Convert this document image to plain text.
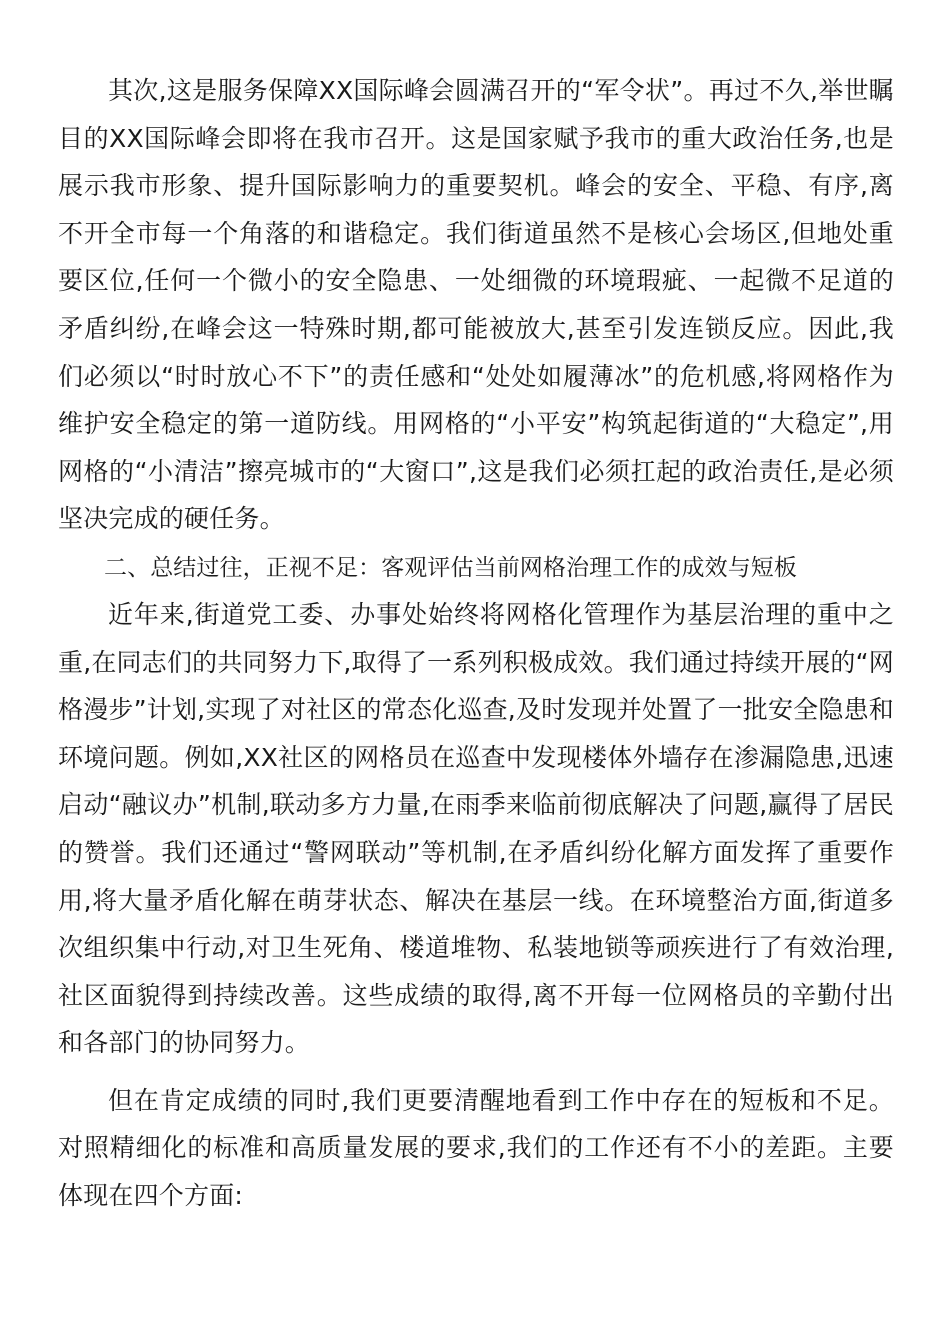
其次,这是服务保障XX国际峰会圆满召开的“军令状”。再过不久,举世瞩目的XX国际峰会即将在我市召开。这是国家赋予我市的重大政治任务,也是展示我市形象、提升国际影响力的重要契机。峰会的安全、平稳、有序,离不开全市每一个角落的和谐稳定。我们街道虽然不是核心会场区,但地处重要区位,任何一个微小的安全隐患、一处细微的环境瑕疵、一起微不足道的矛盾纠纷,在峰会这一特殊时期,都可能被放大,甚至引发连锁反应。因此,我们必须以“时时放心不下”的责任感和“处处如履薄冰”的危机感,将网格作为维护安全稳定的第一道防线。用网格的“小平安”构筑起街道的“大稳定”,用网格的“小清洁”擦亮城市的“大窗口”,这是我们必须扛起的政治责任,是必须坚决完成的硬任务。

二、总结过往，正视不足：客观评估当前网格治理工作的成效与短板

近年来,街道党工委、办事处始终将网格化管理作为基层治理的重中之重,在同志们的共同努力下,取得了一系列积极成效。我们通过持续开展的“网格漫步”计划,实现了对社区的常态化巡查,及时发现并处置了一批安全隐患和环境问题。例如,XX社区的网格员在巡查中发现楼体外墙存在渗漏隐患,迅速启动“融议办”机制,联动多方力量,在雨季来临前彻底解决了问题,赢得了居民的赞誉。我们还通过“警网联动”等机制,在矛盾纠纷化解方面发挥了重要作用,将大量矛盾化解在萌芽状态、解决在基层一线。在环境整治方面,街道多次组织集中行动,对卫生死角、楼道堆物、私装地锁等顽疾进行了有效治理,社区面貌得到持续改善。这些成绩的取得,离不开每一位网格员的辛勤付出和各部门的协同努力。

但在肯定成绩的同时,我们更要清醒地看到工作中存在的短板和不足。对照精细化的标准和高质量发展的要求,我们的工作还有不小的差距。主要体现在四个方面:
